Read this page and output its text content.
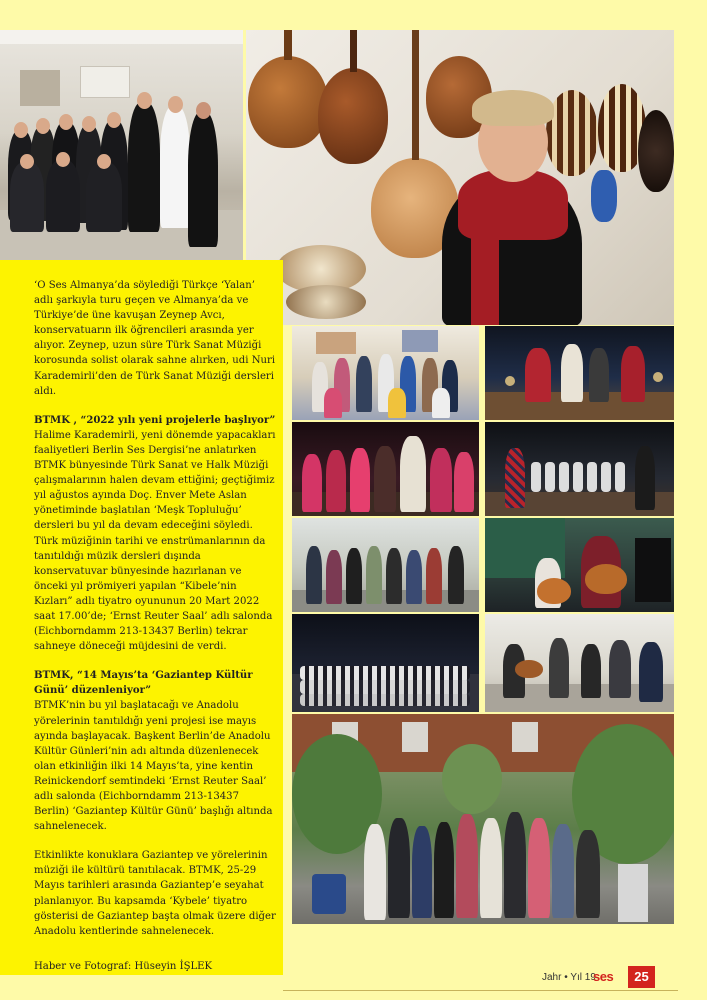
‘O Ses Almanya’da söylediği Türkçe ‘Yalan’ adlı şarkıyla turu geçen ve Almanya’da ve Türkiye’de üne kavuşan Zeynep Avcı, konservatuarın ilk öğrencileri arasında yer alıyor. Zeynep, uzun süre Türk Sanat Müziği korosunda solist olarak sahne alırken, udi Nuri Karademirli’den de Türk Sanat Müziği dersleri aldı.

BTMK , “2022 yılı yeni projelerle başlıyor”

Halime Karademirli, yeni dönemde yapacakları faaliyetleri Berlin Ses Dergisi’ne anlatırken BTMK bünyesinde Türk Sanat ve Halk Müziği çalışmalarının halen devam ettiğini; geçtiğimiz yıl ağustos ayında Doç. Enver Mete Aslan yönetiminde başlatılan ‘Meşk Topluluğu’ dersleri bu yıl da devam edeceğini söyledi. Türk müziğinin tarihi ve enstrümanlarının da tanıtıldığı müzik dersleri dışında konservatuvar bünyesinde hazırlanan ve önceki yıl prömiyeri yapılan “Kibele’nin Kızları” adlı tiyatro oyununun 20 Mart 2022 saat 17.00’de; ‘Ernst Reuter Saal’ adlı salonda (Eichborndamm 213-13437 Berlin) tekrar sahneye döneceği müjdesini de verdi.

BTMK, “14 Mayıs’ta ‘Gaziantep Kültür Günü’ düzenleniyor”

BTMK’nin bu yıl başlatacağı ve Anadolu yörelerinin tanıtıldığı yeni projesi ise mayıs ayında başlayacak. Başkent Berlin’de Anadolu Kültür Günleri’nin adı altında düzenlenecek olan etkinliğin ilki 14 Mayıs’ta, yine kentin Reinickendorf semtindeki ‘Ernst Reuter Saal’ adlı salonda (Eichborndamm 213-13437 Berlin) ‘Gaziantep Kültür Günü’ başlığı altında sahnelenecek.

Etkinlikte konuklara Gaziantep ve yörelerinin müziği ile kültürü tanıtılacak. BTMK, 25-29 Mayıs tarihleri arasında Gaziantep’e seyahat planlanıyor. Bu kapsamda ‘Kybele’ tiyatro gösterisi de Gaziantep başta olmak üzere diğer Anadolu kentlerinde sahnelenecek.

Haber ve Fotograf: Hüseyin İŞLEK

Jahr • Yıl 19
ses	25
